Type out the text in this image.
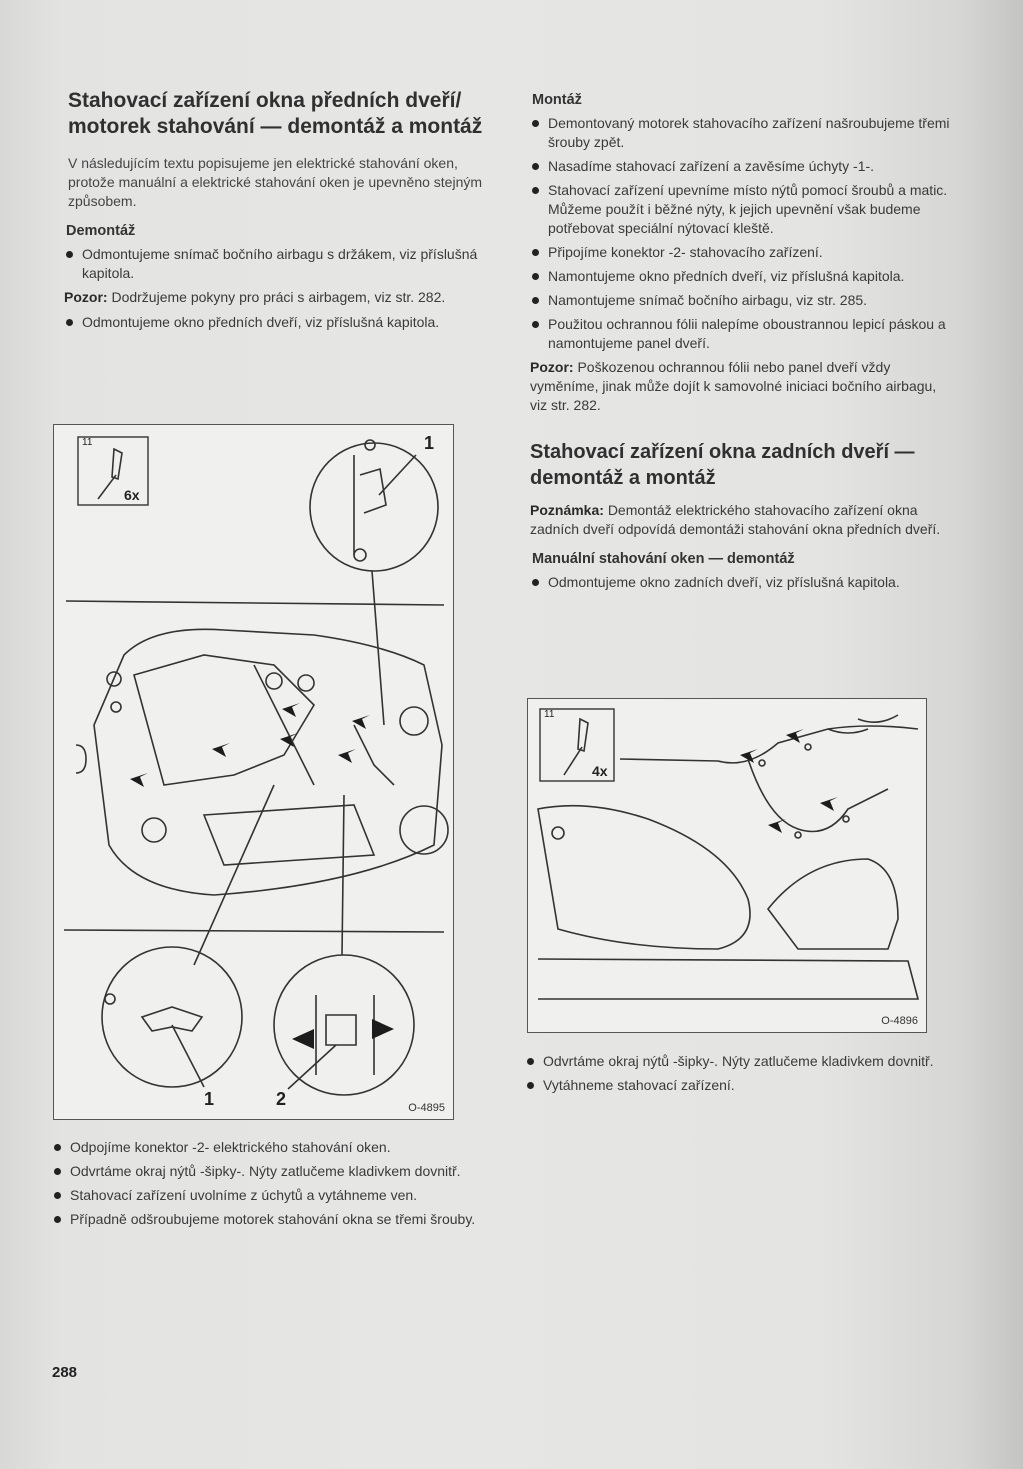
Stahovací zařízení okna předních dveří/ motorek stahování — demontáž a montáž

V následujícím textu popisujeme jen elektrické stahování oken, protože manuální a elektrické stahování oken je upevněno stejným způsobem.

Demontáž
Odmontujeme snímač bočního airbagu s držákem, viz příslušná kapitola.

Pozor: Dodržujeme pokyny pro práci s airbagem, viz str. 282.

Odmontujeme okno předních dveří, viz příslušná kapitola.
11
6x
1
1	2	O-4895
Odpojíme konektor -2- elektrického stahování oken.
Odvrtáme okraj nýtů -šipky-. Nýty zatlučeme kladivkem dovnitř.
Stahovací zařízení uvolníme z úchytů a vytáhneme ven.
Případně odšroubujeme motorek stahování okna se třemi šrouby.
Montáž
Demontovaný motorek stahovacího zařízení našroubujeme třemi šrouby zpět.
Nasadíme stahovací zařízení a zavěsíme úchyty -1-.
Stahovací zařízení upevníme místo nýtů pomocí šroubů a matic. Můžeme použít i běžné nýty, k jejich upevnění však budeme potřebovat speciální nýtovací kleště.
Připojíme konektor -2- stahovacího zařízení.
Namontujeme okno předních dveří, viz příslušná kapitola.
Namontujeme snímač bočního airbagu, viz str. 285.
Použitou ochrannou fólii nalepíme oboustrannou lepicí páskou a namontujeme panel dveří.

Pozor: Poškozenou ochrannou fólii nebo panel dveří vždy vyměníme, jinak může dojít k samovolné iniciaci bočního airbagu, viz str. 282.

Stahovací zařízení okna zadních dveří — demontáž a montáž

Poznámka: Demontáž elektrického stahovacího zařízení okna zadních dveří odpovídá demontáži stahování okna předních dveří.

Manuální stahování oken — demontáž
Odmontujeme okno zadních dveří, viz příslušná kapitola.
11
4x
O-4896
Odvrtáme okraj nýtů -šipky-. Nýty zatlučeme kladivkem dovnitř.
Vytáhneme stahovací zařízení.
288
